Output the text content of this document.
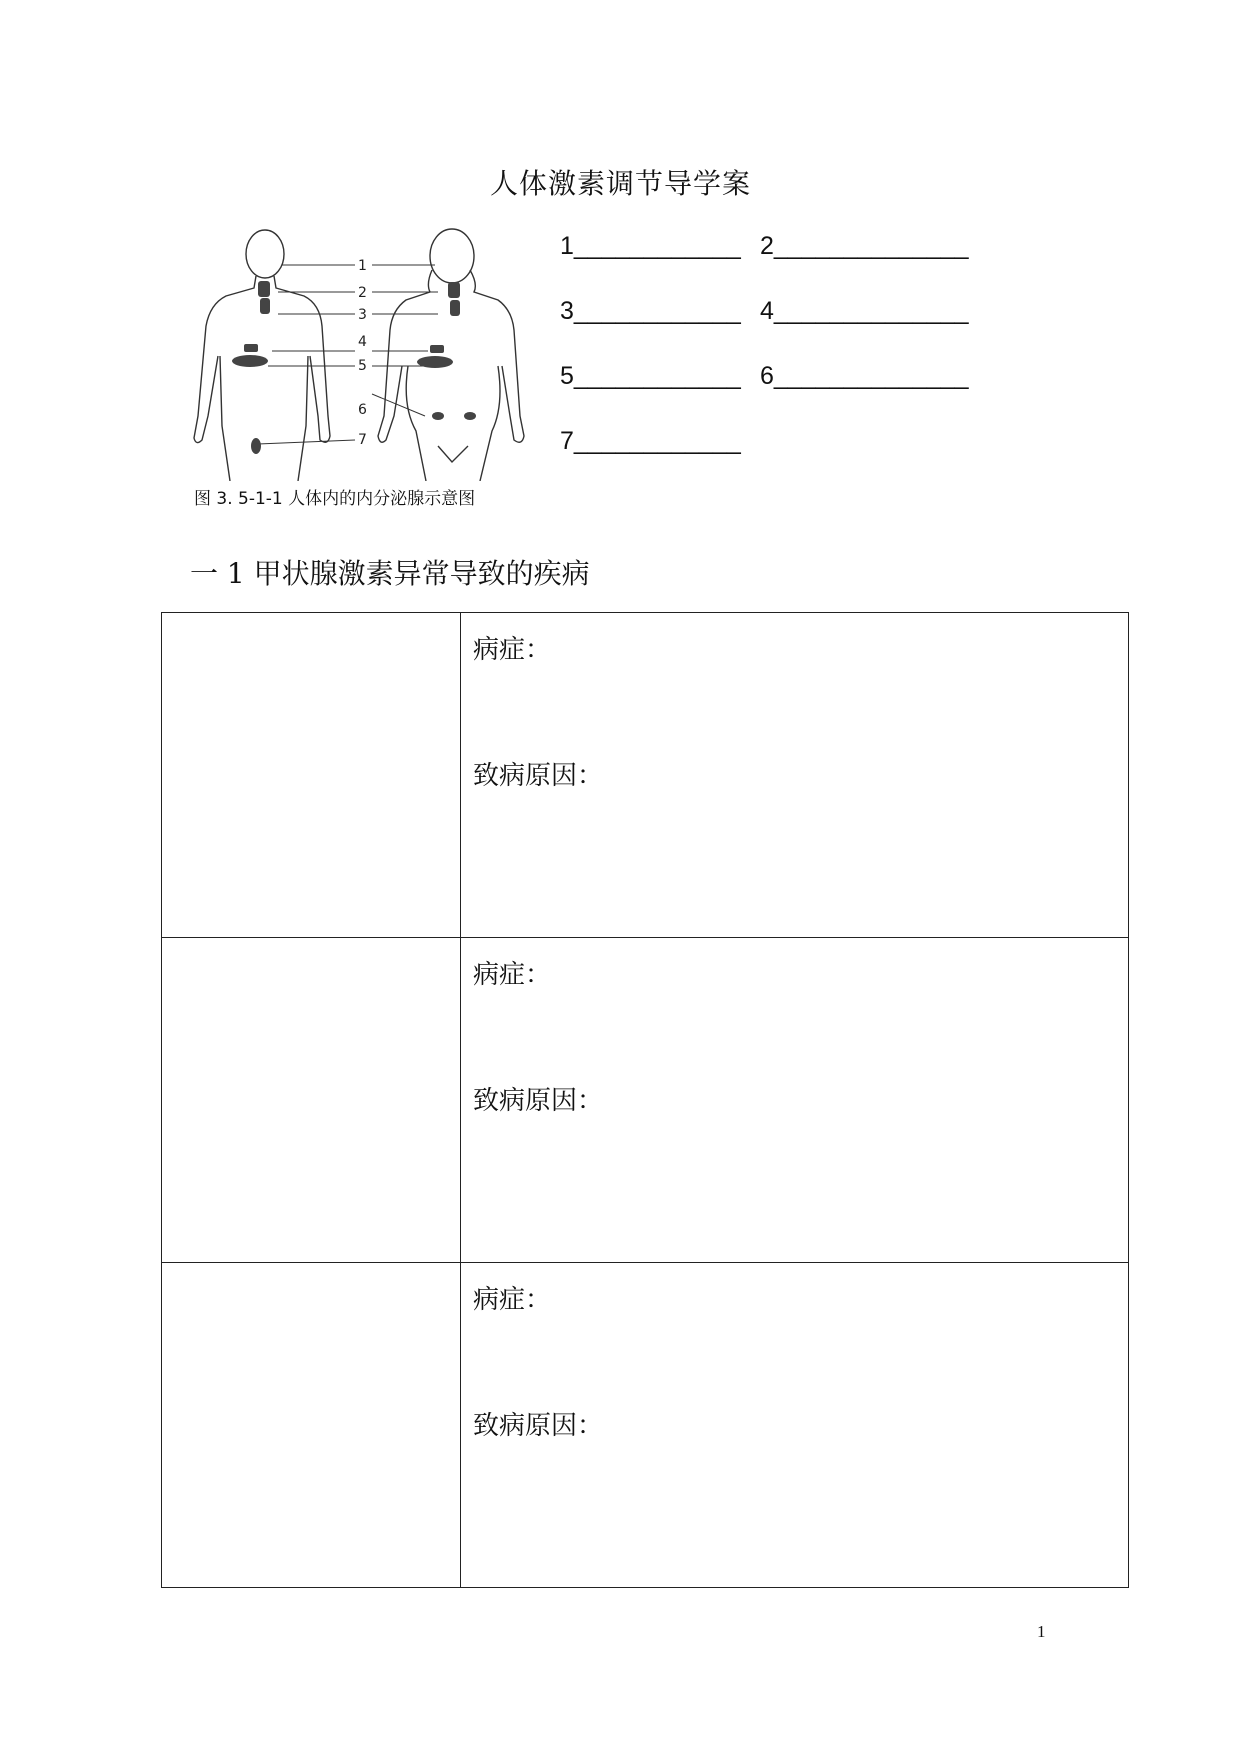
人体激素调节导学案
1
2
3
4
5
6
7
图 3. 5-1-1 人体内的内分泌腺示意图
1____________ 2______________
3____________ 4______________
5____________ 6______________
7____________
一 1 甲状腺激素异常导致的疾病

	病症：
致病原因：

	病症：
致病原因：

	病症：
致病原因：
1
